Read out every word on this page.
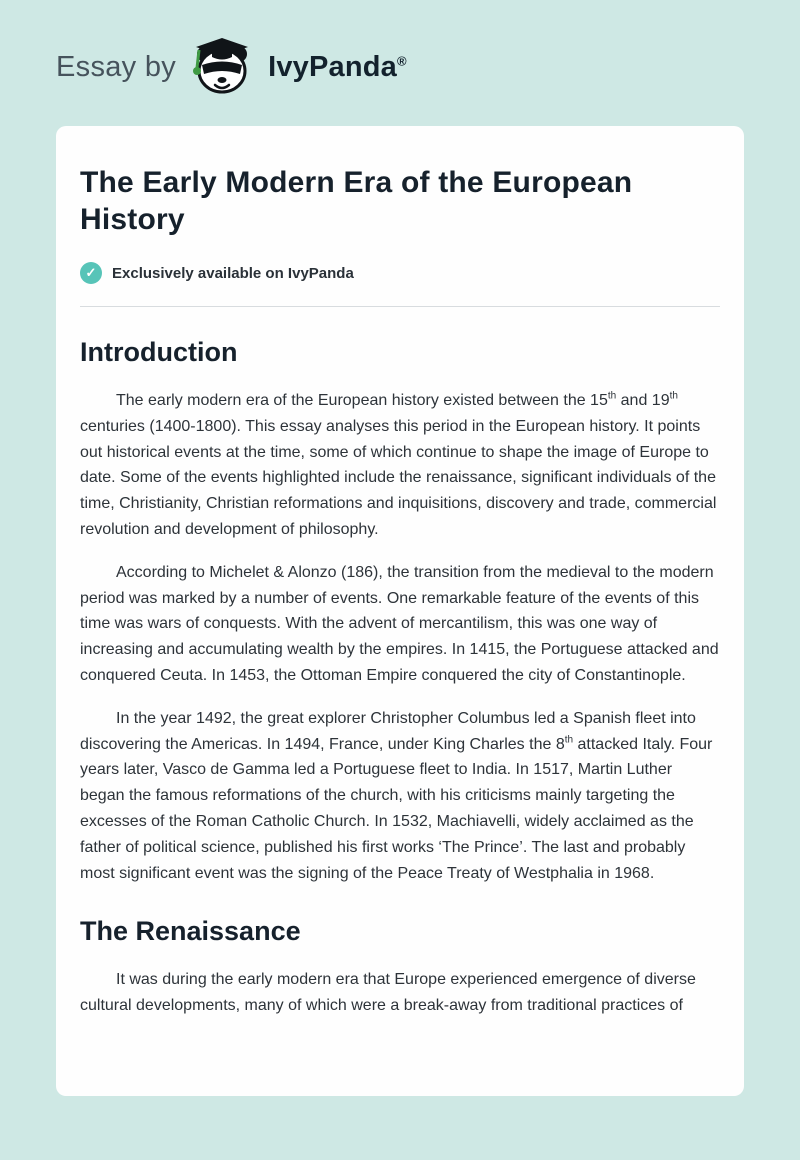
Essay by	IvyPanda®
The Early Modern Era of the European History
✓	Exclusively available on IvyPanda
Introduction

The early modern era of the European history existed between the 15th and 19th centuries (1400-1800). This essay analyses this period in the European history. It points out historical events at the time, some of which continue to shape the image of Europe to date. Some of the events highlighted include the renaissance, significant individuals of the time, Christianity, Christian reformations and inquisitions, discovery and trade, commercial revolution and development of philosophy.

According to Michelet & Alonzo (186), the transition from the medieval to the modern period was marked by a number of events. One remarkable feature of the events of this time was wars of conquests. With the advent of mercantilism, this was one way of increasing and accumulating wealth by the empires. In 1415, the Portuguese attacked and conquered Ceuta. In 1453, the Ottoman Empire conquered the city of Constantinople.

In the year 1492, the great explorer Christopher Columbus led a Spanish fleet into discovering the Americas. In 1494, France, under King Charles the 8th attacked Italy. Four years later, Vasco de Gamma led a Portuguese fleet to India. In 1517, Martin Luther began the famous reformations of the church, with his criticisms mainly targeting the excesses of the Roman Catholic Church. In 1532, Machiavelli, widely acclaimed as the father of political science, published his first works ‘The Prince’. The last and probably most significant event was the signing of the Peace Treaty of Westphalia in 1968.

The Renaissance

It was during the early modern era that Europe experienced emergence of diverse cultural developments, many of which were a break-away from traditional practices of
